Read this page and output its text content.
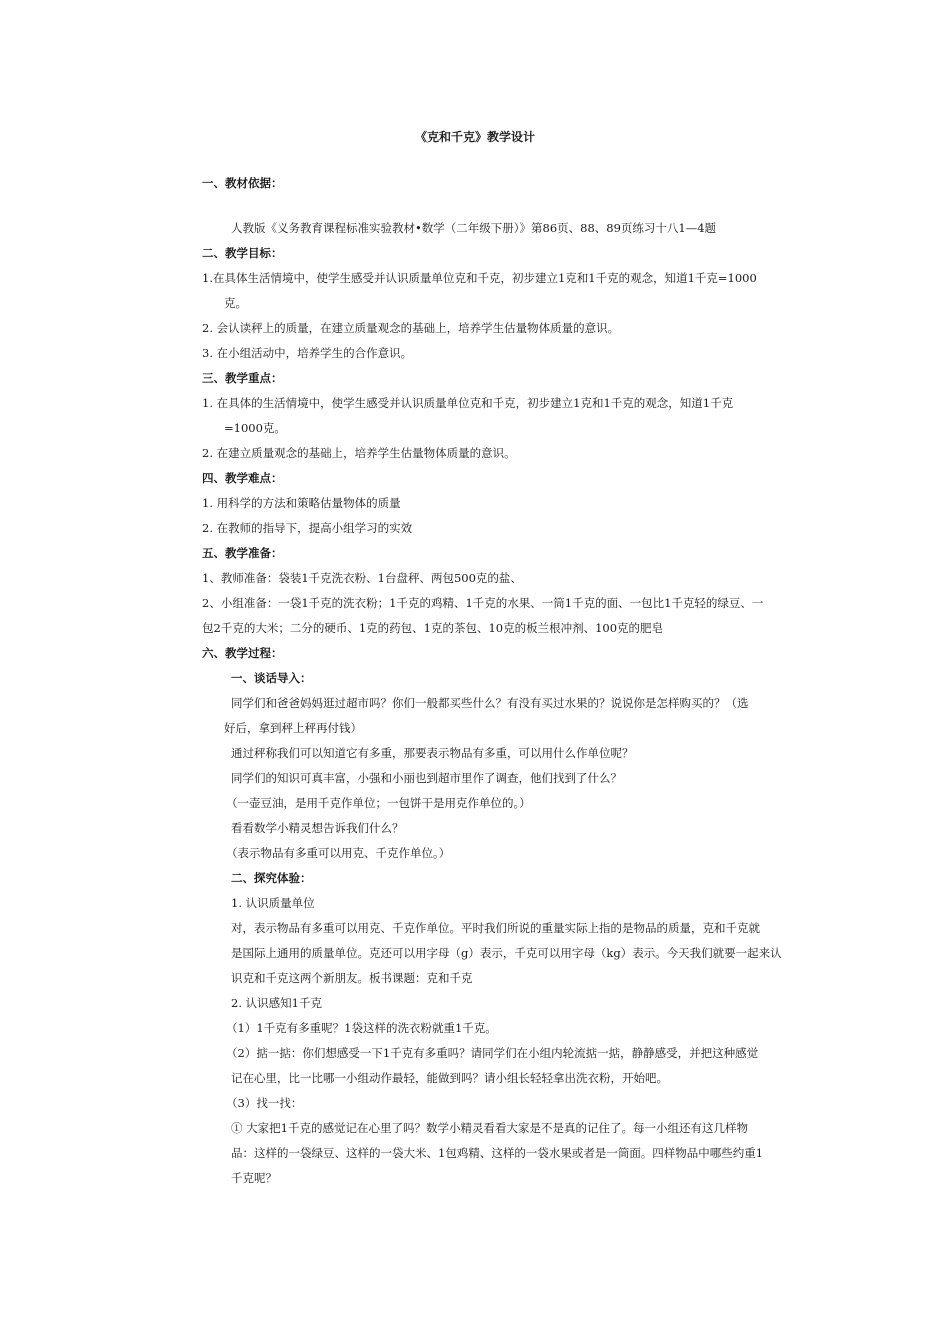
《克和千克》教学设计
一、教材依据：
人教版《义务教育课程标准实验教材•数学（二年级下册）》第86页、88、89页练习十八1—4题
二、教学目标：
1.在具体生活情境中，使学生感受并认识质量单位克和千克，初步建立1克和1千克的观念，知道1千克=1000
克。
2. 会认读秤上的质量，在建立质量观念的基础上，培养学生估量物体质量的意识。
3. 在小组活动中，培养学生的合作意识。
三、教学重点：
1. 在具体的生活情境中，使学生感受并认识质量单位克和千克，初步建立1克和1千克的观念，知道1千克
=1000克。
2. 在建立质量观念的基础上，培养学生估量物体质量的意识。
四、教学难点：
1. 用科学的方法和策略估量物体的质量
2. 在教师的指导下，提高小组学习的实效
五、教学准备：
1、教师准备：袋装1千克洗衣粉、1台盘秤、两包500克的盐、
2、小组准备：一袋1千克的洗衣粉；1千克的鸡精、1千克的水果、一筒1千克的面、一包比1千克轻的绿豆、一
包2千克的大米；二分的硬币、1克的药包、1克的茶包、10克的板兰根冲剂、100克的肥皂
六、教学过程：
一、谈话导入：
同学们和爸爸妈妈逛过超市吗？你们一般都买些什么？有没有买过水果的？说说你是怎样购买的？（选
好后，拿到秤上秤再付钱）
通过秤称我们可以知道它有多重，那要表示物品有多重，可以用什么作单位呢？
同学们的知识可真丰富，小强和小丽也到超市里作了调查，他们找到了什么？
（一壶豆油，是用千克作单位；一包饼干是用克作单位的。）
看看数学小精灵想告诉我们什么？
（表示物品有多重可以用克、千克作单位。）
二、探究体验：
1. 认识质量单位
对，表示物品有多重可以用克、千克作单位。平时我们所说的重量实际上指的是物品的质量，克和千克就
是国际上通用的质量单位。克还可以用字母（g）表示，千克可以用字母（kg）表示。今天我们就要一起来认
识克和千克这两个新朋友。板书课题：克和千克
2. 认识感知1千克
（1）1千克有多重呢？1袋这样的洗衣粉就重1千克。
（2）掂一掂：你们想感受一下1千克有多重吗？请同学们在小组内轮流掂一掂，静静感受，并把这种感觉
记在心里，比一比哪一小组动作最轻，能做到吗？请小组长轻轻拿出洗衣粉，开始吧。
（3）找一找：
① 大家把1千克的感觉记在心里了吗？数学小精灵看看大家是不是真的记住了。每一小组还有这几样物
品：这样的一袋绿豆、这样的一袋大米、1包鸡精、这样的一袋水果或者是一筒面。四样物品中哪些约重1
千克呢？
